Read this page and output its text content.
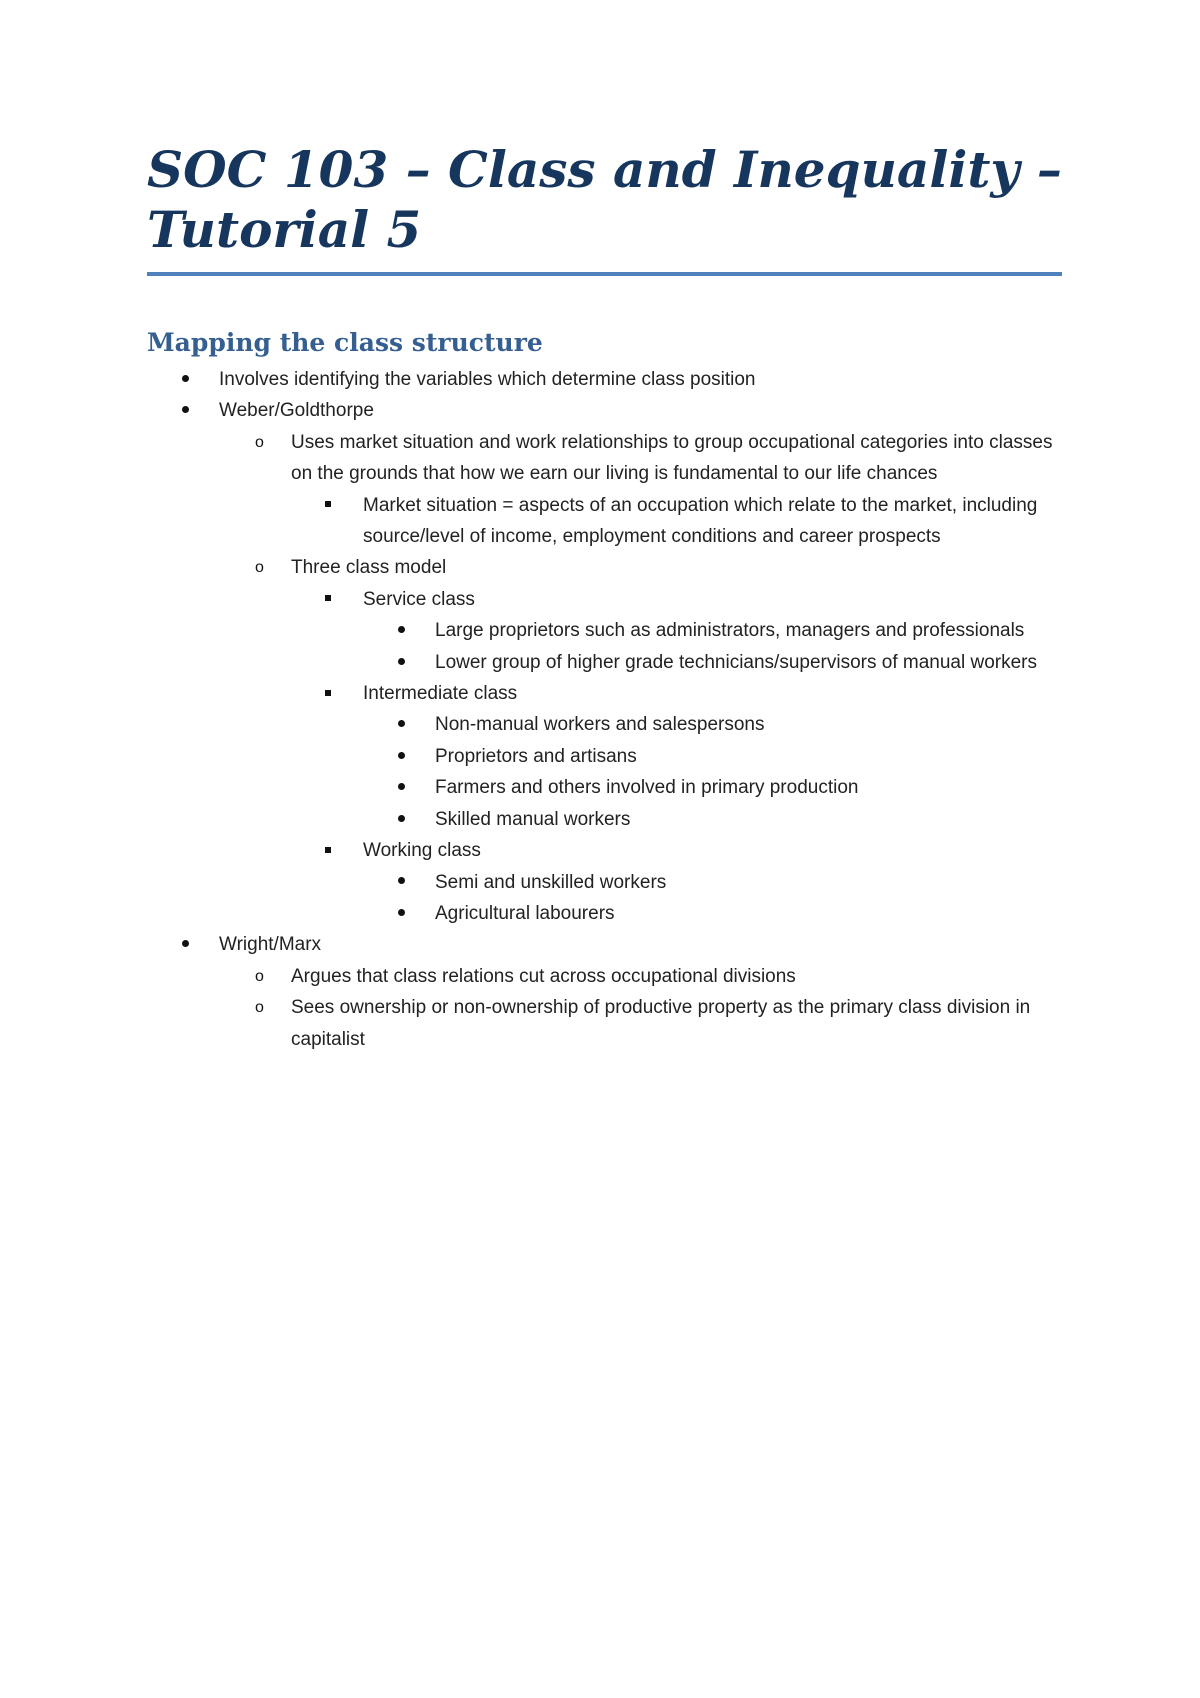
SOC 103 – Class and Inequality –Tutorial 5
Mapping the class structure
Involves identifying the variables which determine class position
Weber/Goldthorpe
o Uses market situation and work relationships to group occupational categories into classes on the grounds that how we earn our living is fundamental to our life chances
Market situation = aspects of an occupation which relate to the market, including source/level of income, employment conditions and career prospects
o Three class model
Service class
Large proprietors such as administrators, managers and professionals
Lower group of higher grade technicians/supervisors of manual workers
Intermediate class
Non-manual workers and salespersons
Proprietors and artisans
Farmers and others involved in primary production
Skilled manual workers
Working class
Semi and unskilled workers
Agricultural labourers
Wright/Marx
o Argues that class relations cut across occupational divisions
o Sees ownership or non-ownership of productive property as the primary class division in capitalist
